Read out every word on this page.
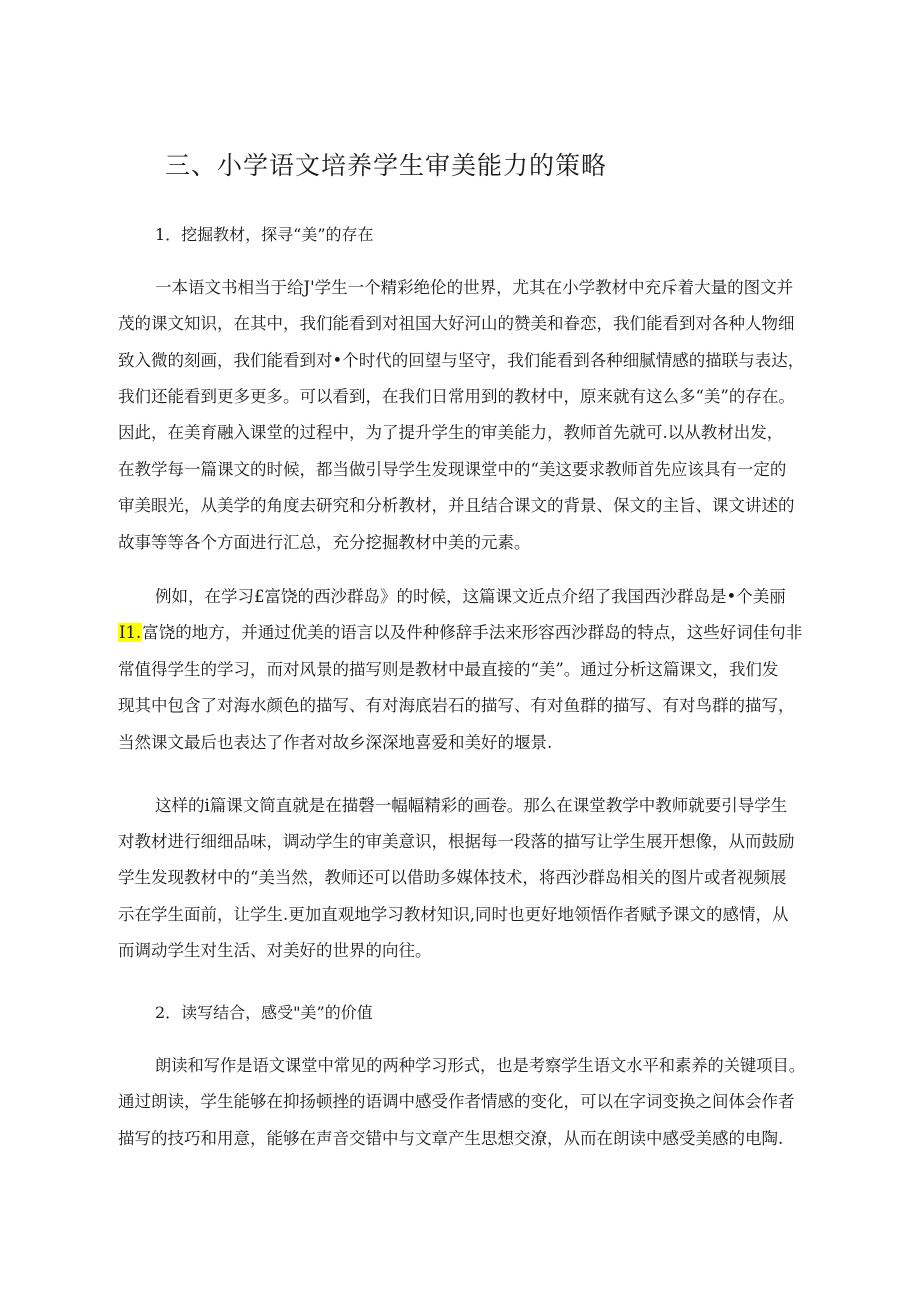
三、小学语文培养学生审美能力的策略
1．挖掘教材，探寻“美”的存在
一本语文书相当于给J'学生一个精彩绝伦的世界，尤其在小学教材中充斥着大量的图文并
茂的课文知识，在其中，我们能看到对祖国大好河山的赞美和眷恋，我们能看到对各种人物细
致入微的刻画，我们能看到对•个时代的回望与坚守，我们能看到各种细腻情感的描联与表达，
我们还能看到更多更多。可以看到，在我们日常用到的教材中，原来就有这么多“美”的存在。
因此，在美育融入课堂的过程中，为了提升学生的审美能力，教师首先就可.以从教材出发，
在教学每一篇课文的时候，都当做引导学生发现课堂中的“美这要求教师首先应该具有一定的
审美眼光，从美学的角度去研究和分析教材，并且结合课文的背景、保文的主旨、课文讲述的
故事等等各个方面进行汇总，充分挖掘教材中美的元素。
例如，在学习£富饶的西沙群岛》的时候，这篇课文近点介绍了我国西沙群岛是•个美丽
I1.富饶的地方，并通过优美的语言以及件种修辞手法来形容西沙群岛的特点，这些好词佳句非
常值得学生的学习，而对风景的描写则是教材中最直接的“美”。通过分析这篇课文，我们发
现其中包含了对海水颜色的描写、有对海底岩石的描写、有对鱼群的描写、有对鸟群的描写，
当然课文最后也表达了作者对故乡深深地喜爱和美好的堰景.
这样的i篇课文简直就是在描磬一幅幅精彩的画卷。那么在课堂教学中教师就要引导学生
对教材进行细细品味，调动学生的审美意识，根据每一段落的描写让学生展开想像，从而鼓励
学生发现教材中的“美当然，教师还可以借助多媒体技术，将西沙群岛相关的图片或者视频展
示在学生面前，让学生.更加直观地学习教材知识,同时也更好地领悟作者赋予课文的感情，从
而调动学生对生活、对美好的世界的向往。
2．读写结合，感受"美”的价值
朗读和写作是语文课堂中常见的两种学习形式，也是考察学生语文水平和素养的关键项目。
通过朗读，学生能够在抑扬顿挫的语调中感受作者情感的变化，可以在字词变换之间体会作者
描写的技巧和用意，能够在声音交错中与文章产生思想交潦，从而在朗读中感受美感的电陶.
